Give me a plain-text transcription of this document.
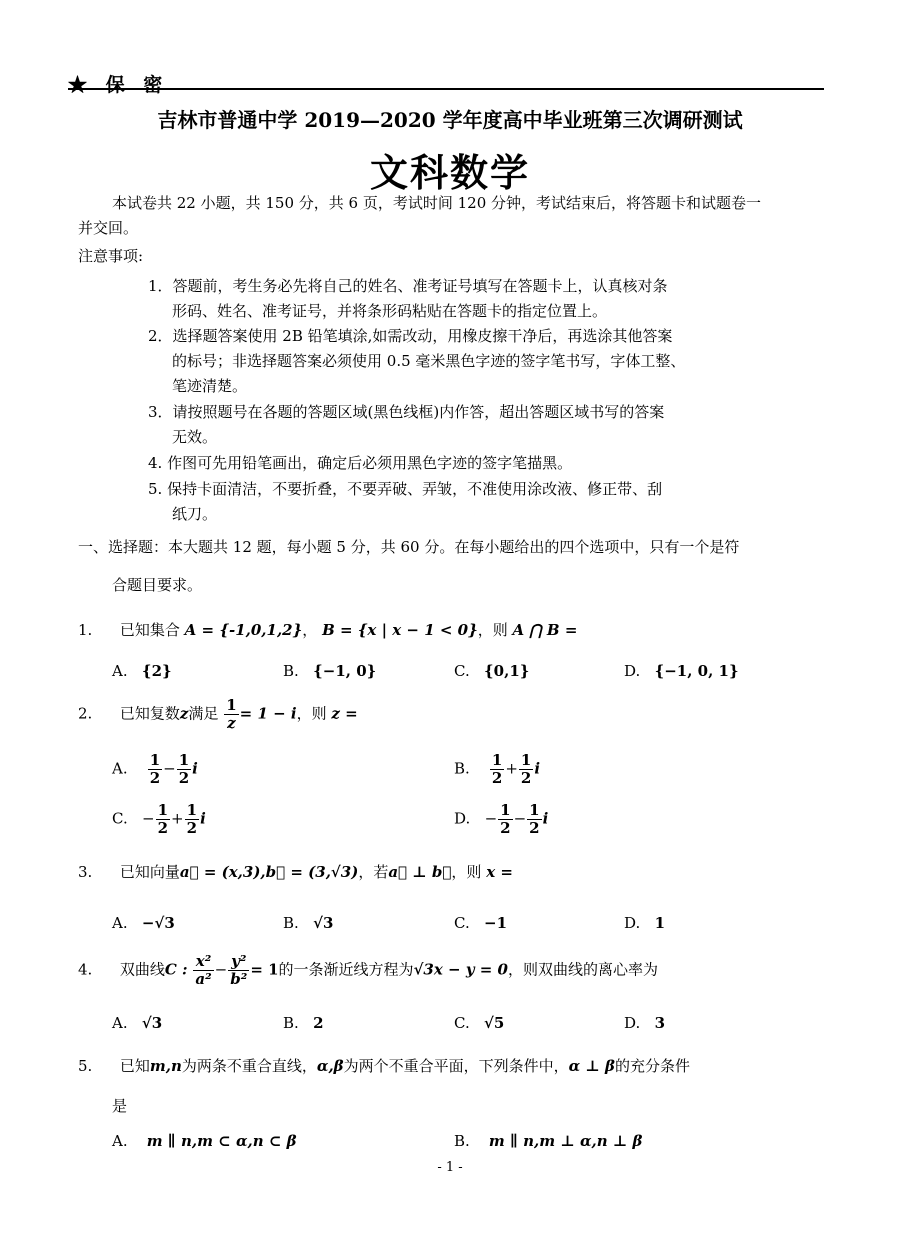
★ 保 密
吉林市普通中学 2019—2020 学年度高中毕业班第三次调研测试
文科数学
本试卷共 22 小题，共 150 分，共 6 页，考试时间 120 分钟，考试结束后，将答题卡和试题卷一
并交回。
注意事项:
1．答题前，考生务必先将自己的姓名、准考证号填写在答题卡上，认真核对条
形码、姓名、准考证号，并将条形码粘贴在答题卡的指定位置上。
2．选择题答案使用 2B 铅笔填涂,如需改动，用橡皮擦干净后，再选涂其他答案
的标号；非选择题答案必须使用 0.5 毫米黑色字迹的签字笔书写，字体工整、
笔迹清楚。
3．请按照题号在各题的答题区域(黑色线框)内作答，超出答题区域书写的答案
无效。
4. 作图可先用铅笔画出，确定后必须用黑色字迹的签字笔描黑。
5. 保持卡面清洁，不要折叠，不要弄破、弄皱，不准使用涂改液、修正带、刮
纸刀。
一、选择题：本大题共 12 题，每小题 5 分，共 60 分。在每小题给出的四个选项中，只有一个是符
合题目要求。
1. 已知集合 A = {-1,0,1,2}， B = {x | x − 1 < 0}，则 A ⋂ B =
A. {2}	B. {−1, 0}	C. {0,1}	D. {−1, 0, 1}
2. 已知复数z满足 $\frac{1}{z} = 1 - i$，则 z =
A. $\frac{1}{2} - \frac{1}{2}$ i	B. $\frac{1}{2} + \frac{1}{2}$ i
C. − $\frac{1}{2} + \frac{1}{2}$ i	D. − $\frac{1}{2} - \frac{1}{2}$ i
3. 已知向量a⃗ = (x,3),b⃗ = (3,√3)，若a⃗ ⊥ b⃗，则 x =
A. −√3	B. √3	C. −1	D. 1
4. 双曲线C : $\frac{\text{x²}}{\text{a²}} - \frac{\text{y²}}{\text{b²}} = 1$的一条渐近线方程为√3x − y = 0，则双曲线的离心率为
A. √3	B. 2	C. √5	D. 3
5. 已知m,n为两条不重合直线，α,β为两个不重合平面，下列条件中，α ⊥ β的充分条件
是
A. m ∥ n,m ⊂ α,n ⊂ β	B. m ∥ n,m ⊥ α,n ⊥ β
- 1 -
